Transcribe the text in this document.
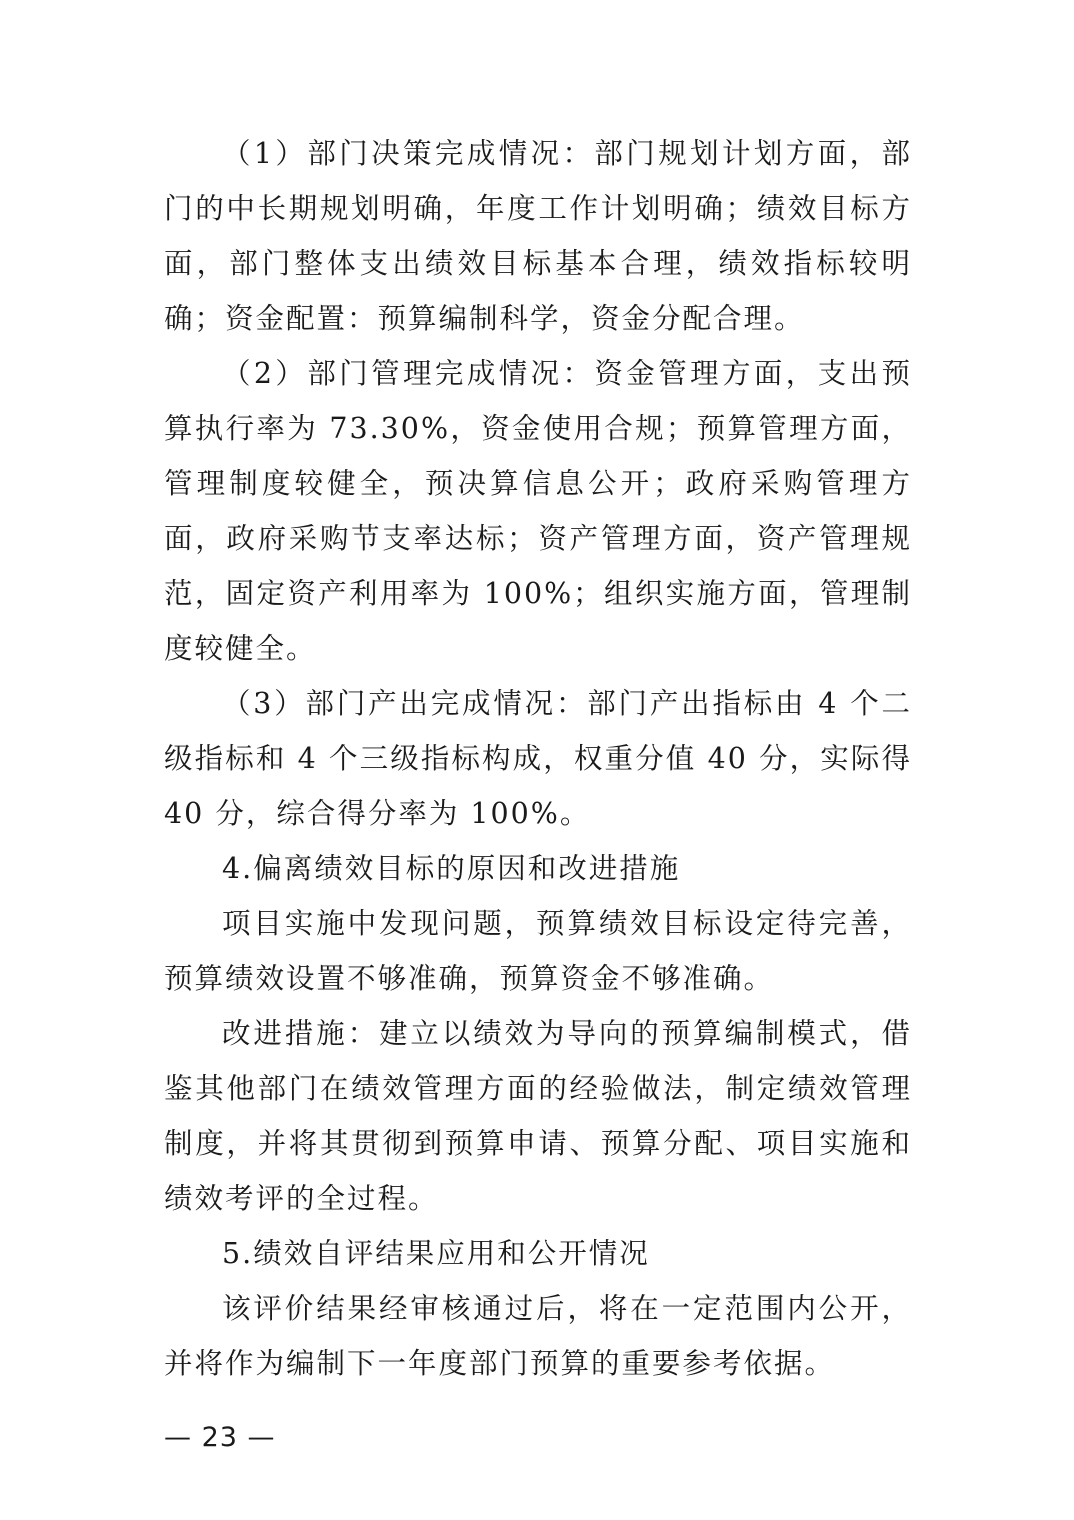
（1）部门决策完成情况：部门规划计划方面，部门的中长期规划明确，年度工作计划明确；绩效目标方面，部门整体支出绩效目标基本合理，绩效指标较明确；资金配置：预算编制科学，资金分配合理。

（2）部门管理完成情况：资金管理方面，支出预算执行率为 73.30%，资金使用合规；预算管理方面，管理制度较健全，预决算信息公开；政府采购管理方面，政府采购节支率达标；资产管理方面，资产管理规范，固定资产利用率为 100%；组织实施方面，管理制度较健全。

（3）部门产出完成情况：部门产出指标由 4 个二级指标和 4 个三级指标构成，权重分值 40 分，实际得 40 分，综合得分率为 100%。

4.偏离绩效目标的原因和改进措施

项目实施中发现问题，预算绩效目标设定待完善，预算绩效设置不够准确，预算资金不够准确。

改进措施：建立以绩效为导向的预算编制模式，借鉴其他部门在绩效管理方面的经验做法，制定绩效管理制度，并将其贯彻到预算申请、预算分配、项目实施和绩效考评的全过程。

5.绩效自评结果应用和公开情况

该评价结果经审核通过后，将在一定范围内公开，并将作为编制下一年度部门预算的重要参考依据。

— 23 —
